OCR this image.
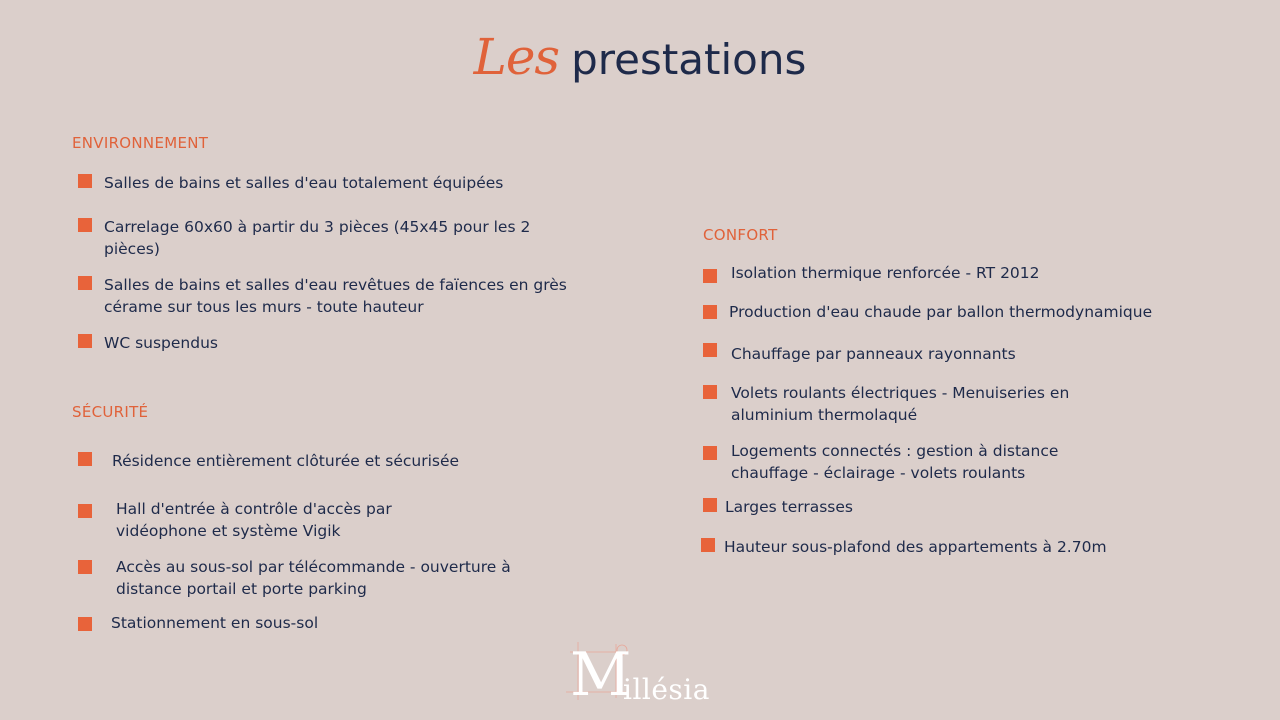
Les prestations
ENVIRONNEMENT
Salles de bains et salles d'eau totalement équipées
Carrelage 60x60 à partir du 3 pièces (45x45 pour les 2 pièces)
Salles de bains et salles d'eau revêtues de faïences en grès cérame sur tous les murs - toute hauteur
WC suspendus
SÉCURITÉ
Résidence entièrement clôturée et sécurisée
Hall d'entrée à contrôle d'accès par vidéophone et système Vigik
Accès au sous-sol par télécommande - ouverture à distance portail et porte parking
Stationnement en sous-sol
CONFORT
Isolation thermique renforcée - RT 2012
Production d'eau chaude par ballon thermodynamique
Chauffage par panneaux rayonnants
Volets roulants électriques - Menuiseries en aluminium thermolaqué
Logements connectés : gestion à distance chauffage - éclairage - volets roulants
Larges terrasses
Hauteur sous-plafond des appartements à 2.70m
M
illésia
